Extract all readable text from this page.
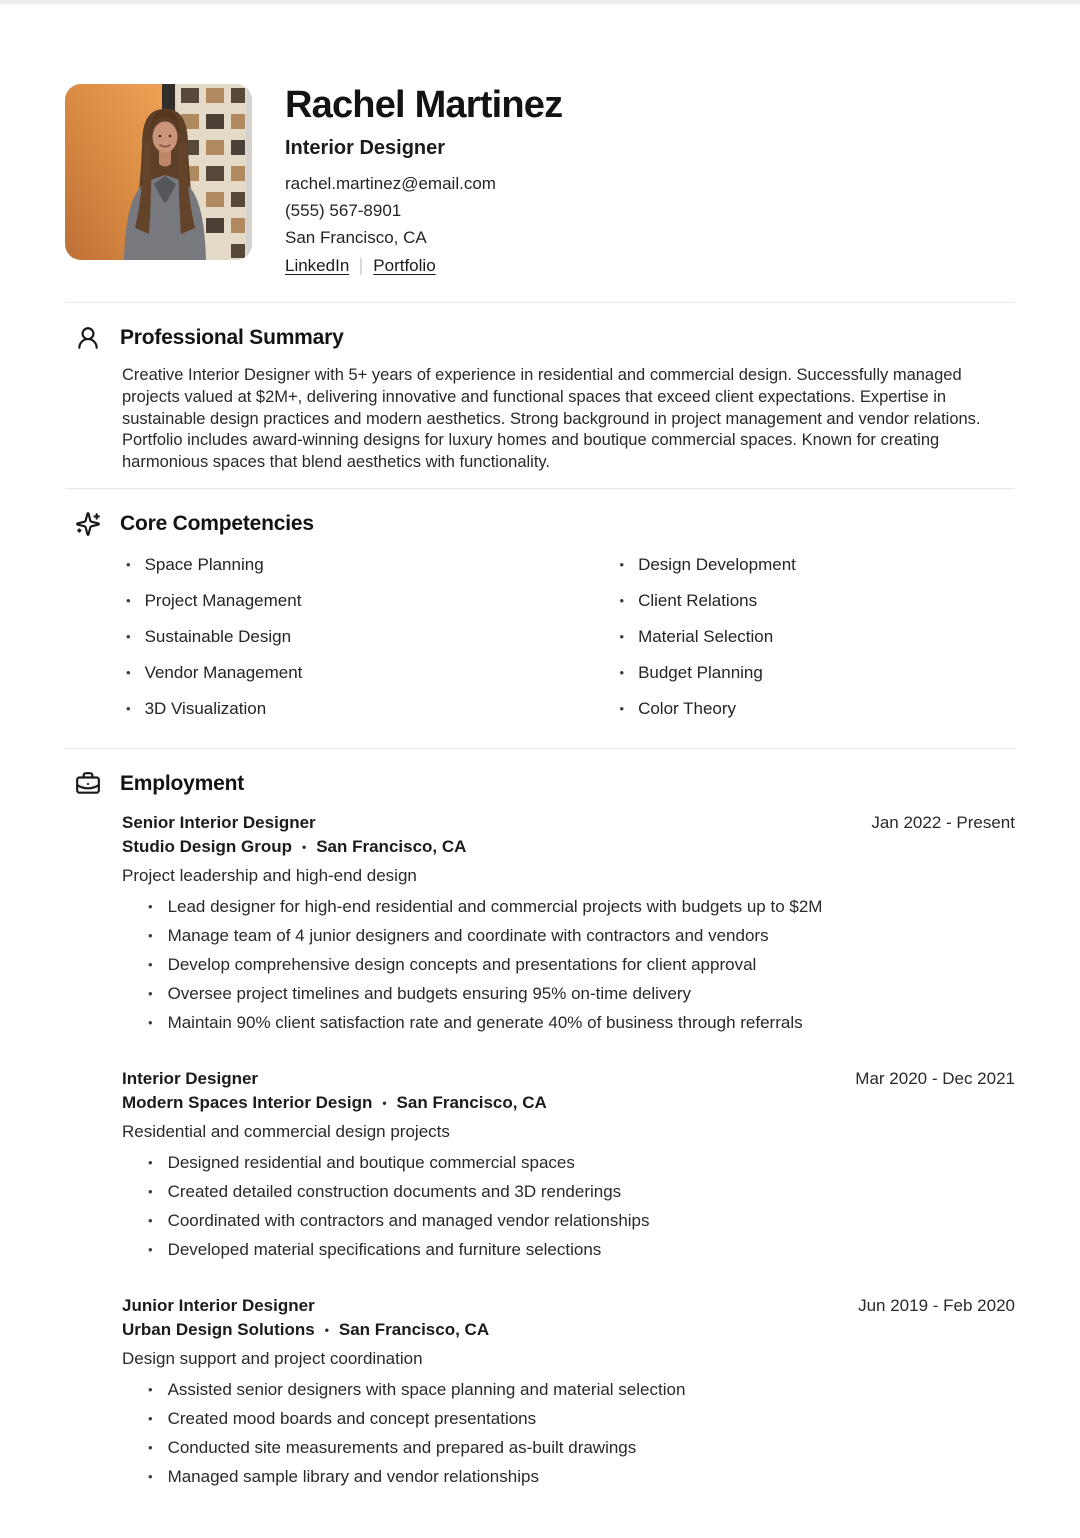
Rachel Martinez
Interior Designer
rachel.martinez@email.com
(555) 567-8901
San Francisco, CA
LinkedIn Portfolio
Professional Summary

Creative Interior Designer with 5+ years of experience in residential and commercial design. Successfully managed projects valued at $2M+, delivering innovative and functional spaces that exceed client expectations. Expertise in sustainable design practices and modern aesthetics. Strong background in project management and vendor relations. Portfolio includes award-winning designs for luxury homes and boutique commercial spaces. Known for creating harmonious spaces that blend aesthetics with functionality.

Core Competencies
• Space Planning
• Project Management
• Sustainable Design
• Vendor Management
• 3D Visualization
• Design Development
• Client Relations
• Material Selection
• Budget Planning
• Color Theory
Employment
Senior Interior Designer	Jan 2022 - Present
Studio Design Group • San Francisco, CA
Project leadership and high-end design
• Lead designer for high-end residential and commercial projects with budgets up to $2M
• Manage team of 4 junior designers and coordinate with contractors and vendors
• Develop comprehensive design concepts and presentations for client approval
• Oversee project timelines and budgets ensuring 95% on-time delivery
• Maintain 90% client satisfaction rate and generate 40% of business through referrals
Interior Designer	Mar 2020 - Dec 2021
Modern Spaces Interior Design • San Francisco, CA
Residential and commercial design projects
• Designed residential and boutique commercial spaces
• Created detailed construction documents and 3D renderings
• Coordinated with contractors and managed vendor relationships
• Developed material specifications and furniture selections
Junior Interior Designer	Jun 2019 - Feb 2020
Urban Design Solutions • San Francisco, CA
Design support and project coordination
• Assisted senior designers with space planning and material selection
• Created mood boards and concept presentations
• Conducted site measurements and prepared as-built drawings
• Managed sample library and vendor relationships
